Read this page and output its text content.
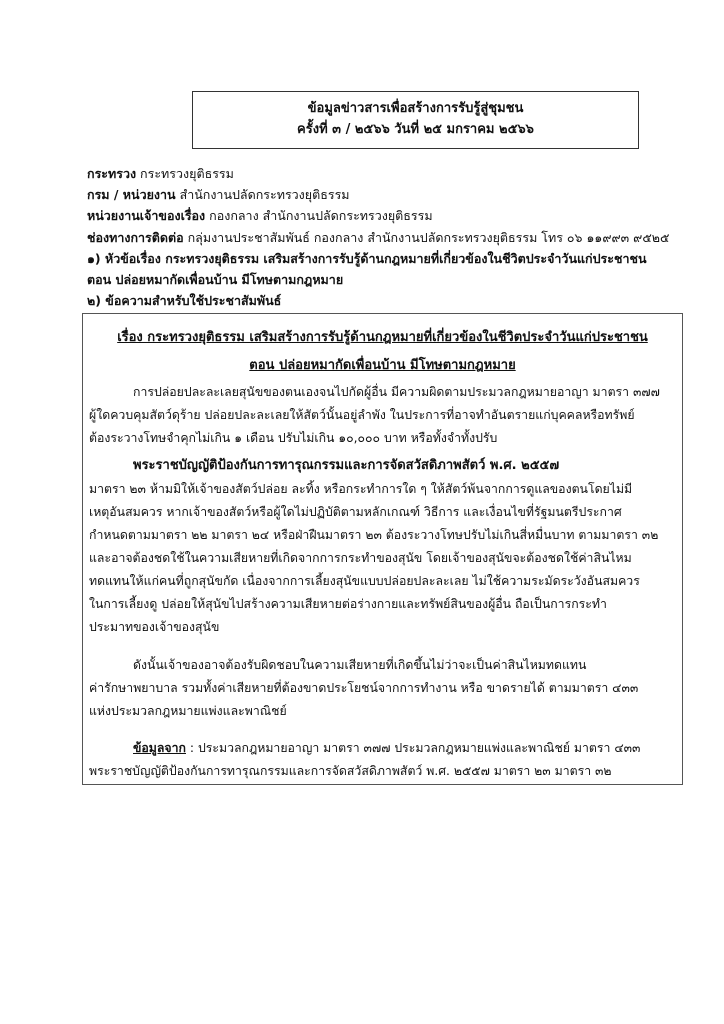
ข้อมูลข่าวสารเพื่อสร้างการรับรู้สู่ชุมชน
ครั้งที่ ๓ / ๒๕๖๖ วันที่ ๒๕ มกราคม ๒๕๖๖
กระทรวง กระทรวงยุติธรรม
กรม / หน่วยงาน สำนักงานปลัดกระทรวงยุติธรรม
หน่วยงานเจ้าของเรื่อง กองกลาง สำนักงานปลัดกระทรวงยุติธรรม
ช่องทางการติดต่อ กลุ่มงานประชาสัมพันธ์ กองกลาง สำนักงานปลัดกระทรวงยุติธรรม โทร ๐๖ ๑๑๙๙๓ ๙๕๒๕
๑) หัวข้อเรื่อง กระทรวงยุติธรรม เสริมสร้างการรับรู้ด้านกฎหมายที่เกี่ยวข้องในชีวิตประจำวันแก่ประชาชน
ตอน ปล่อยหมากัดเพื่อนบ้าน มีโทษตามกฎหมาย
๒) ข้อความสำหรับใช้ประชาสัมพันธ์
เรื่อง กระทรวงยุติธรรม เสริมสร้างการรับรู้ด้านกฎหมายที่เกี่ยวข้องในชีวิตประจำวันแก่ประชาชน
ตอน ปล่อยหมากัดเพื่อนบ้าน มีโทษตามกฎหมาย
การปล่อยปละละเลยสุนัขของตนเองจนไปกัดผู้อื่น มีความผิดตามประมวลกฎหมายอาญา มาตรา ๓๗๗
ผู้ใดควบคุมสัตว์ดุร้าย ปล่อยปละละเลยให้สัตว์นั้นอยู่ลำพัง ในประการที่อาจทำอันตรายแก่บุคคลหรือทรัพย์
ต้องระวางโทษจำคุกไม่เกิน ๑ เดือน ปรับไม่เกิน ๑๐,๐๐๐ บาท หรือทั้งจำทั้งปรับ
พระราชบัญญัติป้องกันการทารุณกรรมและการจัดสวัสดิภาพสัตว์ พ.ศ. ๒๕๕๗
มาตรา ๒๓ ห้ามมิให้เจ้าของสัตว์ปล่อย ละทิ้ง หรือกระทำการใด ๆ ให้สัตว์พ้นจากการดูแลของตนโดยไม่มี
เหตุอันสมควร หากเจ้าของสัตว์หรือผู้ใดไม่ปฏิบัติตามหลักเกณฑ์ วิธีการ และเงื่อนไขที่รัฐมนตรีประกาศ
กำหนดตามมาตรา ๒๒ มาตรา ๒๔ หรือฝ่าฝืนมาตรา ๒๓ ต้องระวางโทษปรับไม่เกินสี่หมื่นบาท ตามมาตรา ๓๒
และอาจต้องชดใช้ในความเสียหายที่เกิดจากการกระทำของสุนัข โดยเจ้าของสุนัขจะต้องชดใช้ค่าสินไหม
ทดแทนให้แก่คนที่ถูกสุนัขกัด เนื่องจากการเลี้ยงสุนัขแบบปล่อยปละละเลย ไม่ใช้ความระมัดระวังอันสมควร
ในการเลี้ยงดู ปล่อยให้สุนัขไปสร้างความเสียหายต่อร่างกายและทรัพย์สินของผู้อื่น ถือเป็นการกระทำ
ประมาทของเจ้าของสุนัข
ดังนั้นเจ้าของอาจต้องรับผิดชอบในความเสียหายที่เกิดขึ้นไม่ว่าจะเป็นค่าสินไหมทดแทน
ค่ารักษาพยาบาล รวมทั้งค่าเสียหายที่ต้องขาดประโยชน์จากการทำงาน หรือ ขาดรายได้ ตามมาตรา ๔๓๓
แห่งประมวลกฎหมายแพ่งและพาณิชย์
ข้อมูลจาก : ประมวลกฎหมายอาญา มาตรา ๓๗๗ ประมวลกฎหมายแพ่งและพาณิชย์ มาตรา ๔๓๓
พระราชบัญญัติป้องกันการทารุณกรรมและการจัดสวัสดิภาพสัตว์ พ.ศ. ๒๕๕๗ มาตรา ๒๓ มาตรา ๓๒
